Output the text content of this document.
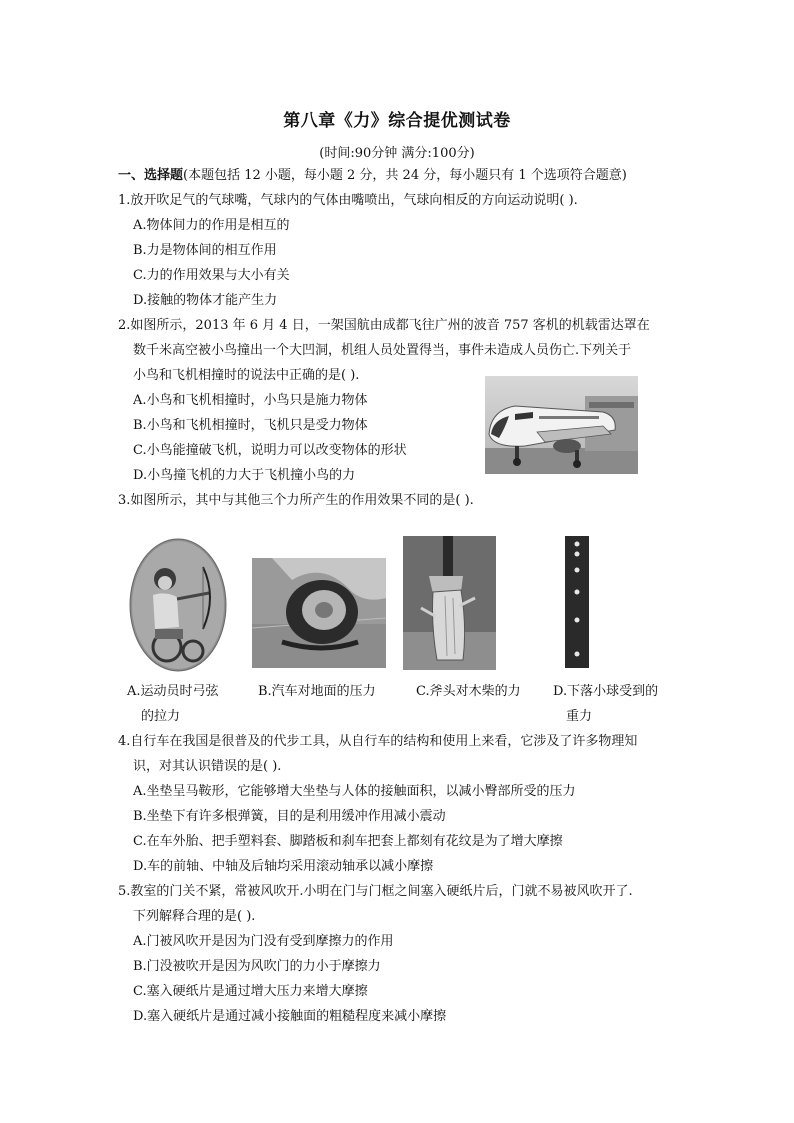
第八章《力》综合提优测试卷
(时间:90分钟 满分:100分)
一、选择题(本题包括 12 小题，每小题 2 分，共 24 分，每小题只有 1 个选项符合题意)
1.放开吹足气的气球嘴，气球内的气体由嘴喷出，气球向相反的方向运动说明( ).
A.物体间力的作用是相互的
B.力是物体间的相互作用
C.力的作用效果与大小有关
D.接触的物体才能产生力
2.如图所示，2013 年 6 月 4 日，一架国航由成都飞往广州的波音 757 客机的机载雷达罩在
数千米高空被小鸟撞出一个大凹洞，机组人员处置得当，事件未造成人员伤亡.下列关于
小鸟和飞机相撞时的说法中正确的是( ).
A.小鸟和飞机相撞时，小鸟只是施力物体
B.小鸟和飞机相撞时，飞机只是受力物体
C.小鸟能撞破飞机，说明力可以改变物体的形状
D.小鸟撞飞机的力大于飞机撞小鸟的力
3.如图所示，其中与其他三个力所产生的作用效果不同的是( ).
A.运动员时弓弦
的拉力
B.汽车对地面的压力	C.斧头对木柴的力 D.下落小球受到的
重力
4.自行车在我国是很普及的代步工具，从自行车的结构和使用上来看，它涉及了许多物理知
识，对其认识错误的是( ).
A.坐垫呈马鞍形，它能够增大坐垫与人体的接触面积，以减小臀部所受的压力
B.坐垫下有许多根弹簧，目的是利用缓冲作用减小震动
C.在车外胎、把手塑料套、脚踏板和刹车把套上都刻有花纹是为了增大摩擦
D.车的前轴、中轴及后轴均采用滚动轴承以减小摩擦
5.教室的门关不紧，常被风吹开.小明在门与门框之间塞入硬纸片后，门就不易被风吹开了.
下列解释合理的是( ).
A.门被风吹开是因为门没有受到摩擦力的作用
B.门没被吹开是因为风吹门的力小于摩擦力
C.塞入硬纸片是通过增大压力来增大摩擦
D.塞入硬纸片是通过减小接触面的粗糙程度来减小摩擦
